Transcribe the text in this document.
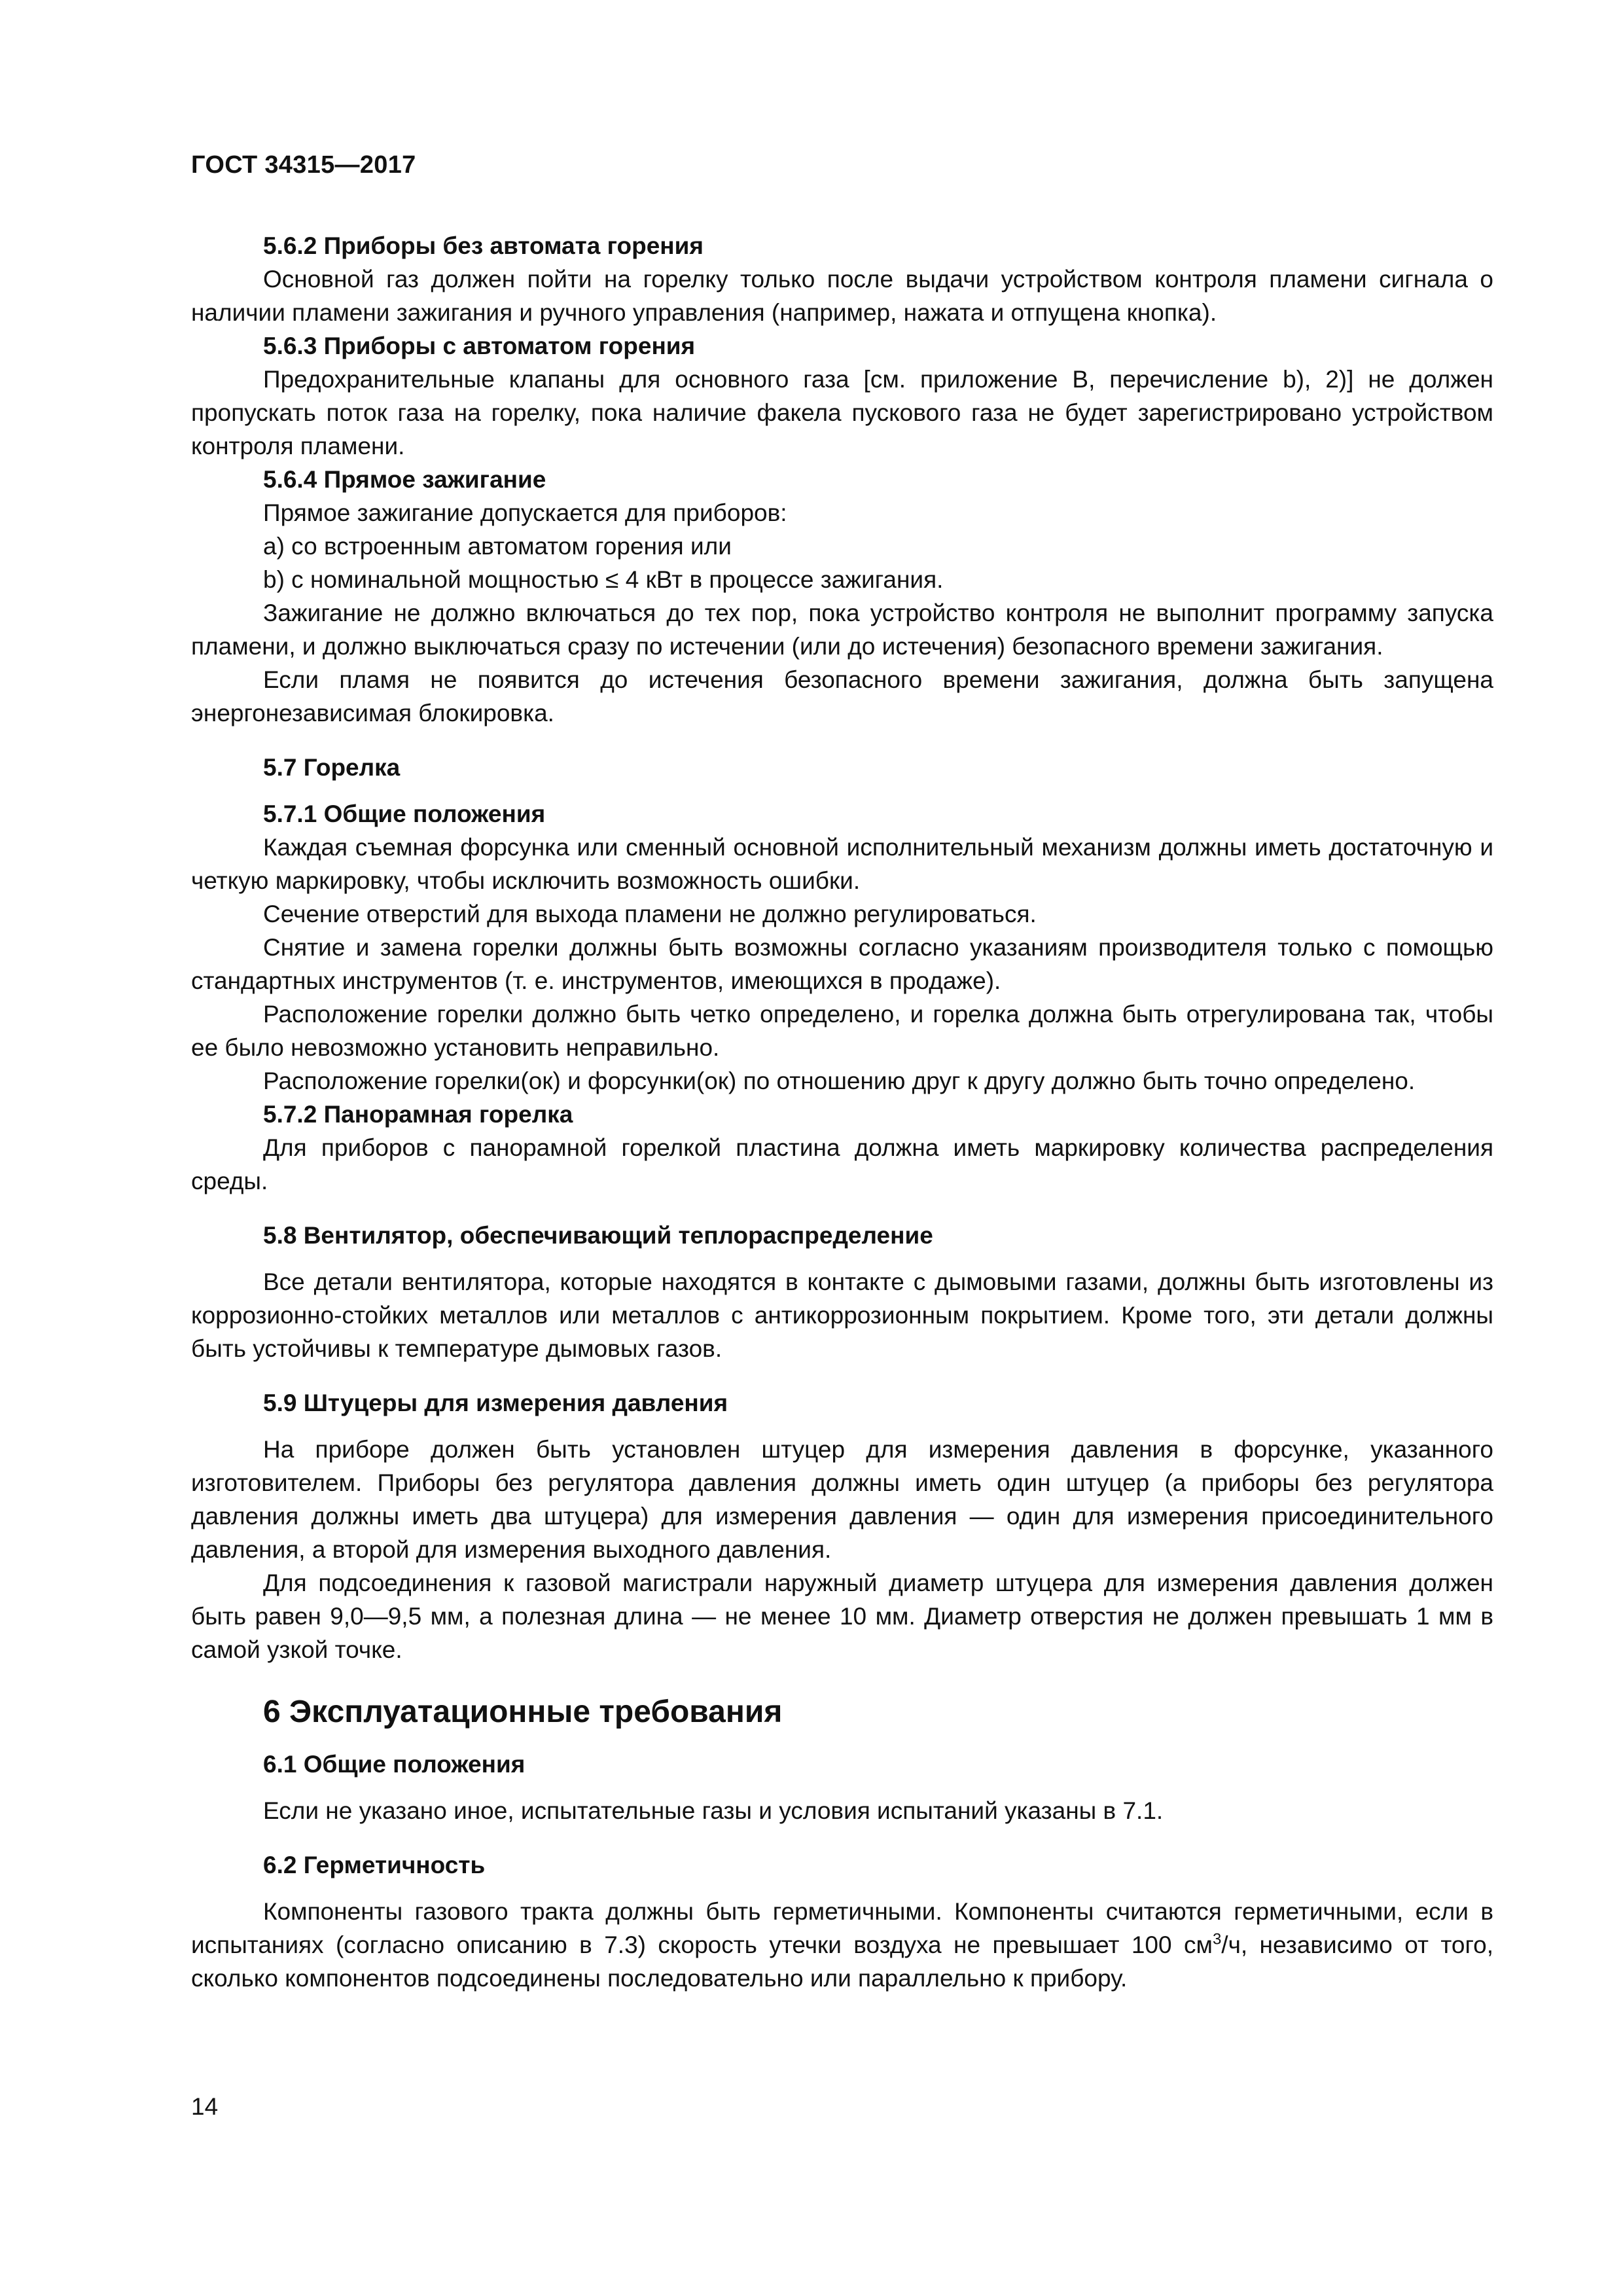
ГОСТ 34315—2017

5.6.2 Приборы без автомата горения

Основной газ должен пойти на горелку только после выдачи устройством контроля пламени сигнала о наличии пламени зажигания и ручного управления (например, нажата и отпущена кнопка).

5.6.3 Приборы с автоматом горения

Предохранительные клапаны для основного газа [см. приложение В, перечисление b), 2)] не должен пропускать поток газа на горелку, пока наличие факела пускового газа не будет зарегистрировано устройством контроля пламени.

5.6.4 Прямое зажигание

Прямое зажигание допускается для приборов:

а) со встроенным автоматом горения или

b) с номинальной мощностью ≤ 4 кВт в процессе зажигания.

Зажигание не должно включаться до тех пор, пока устройство контроля не выполнит программу запуска пламени, и должно выключаться сразу по истечении (или до истечения) безопасного времени зажигания.

Если пламя не появится до истечения безопасного времени зажигания, должна быть запущена энергонезависимая блокировка.

5.7 Горелка

5.7.1 Общие положения

Каждая съемная форсунка или сменный основной исполнительный механизм должны иметь достаточную и четкую маркировку, чтобы исключить возможность ошибки.

Сечение отверстий для выхода пламени не должно регулироваться.

Снятие и замена горелки должны быть возможны согласно указаниям производителя только с помощью стандартных инструментов (т. е. инструментов, имеющихся в продаже).

Расположение горелки должно быть четко определено, и горелка должна быть отрегулирована так, чтобы ее было невозможно установить неправильно.

Расположение горелки(ок) и форсунки(ок) по отношению друг к другу должно быть точно определено.

5.7.2 Панорамная горелка

Для приборов с панорамной горелкой пластина должна иметь маркировку количества распределения среды.

5.8 Вентилятор, обеспечивающий теплораспределение

Все детали вентилятора, которые находятся в контакте с дымовыми газами, должны быть изготовлены из коррозионно-стойких металлов или металлов с антикоррозионным покрытием. Кроме того, эти детали должны быть устойчивы к температуре дымовых газов.

5.9 Штуцеры для измерения давления

На приборе должен быть установлен штуцер для измерения давления в форсунке, указанного изготовителем. Приборы без регулятора давления должны иметь один штуцер (а приборы без регулятора давления должны иметь два штуцера) для измерения давления — один для измерения присоединительного давления, а второй для измерения выходного давления.

Для подсоединения к газовой магистрали наружный диаметр штуцера для измерения давления должен быть равен 9,0—9,5 мм, а полезная длина — не менее 10 мм. Диаметр отверстия не должен превышать 1 мм в самой узкой точке.

6 Эксплуатационные требования

6.1 Общие положения

Если не указано иное, испытательные газы и условия испытаний указаны в 7.1.

6.2 Герметичность

Компоненты газового тракта должны быть герметичными. Компоненты считаются герметичными, если в испытаниях (согласно описанию в 7.3) скорость утечки воздуха не превышает 100 $см^3/ч$, независимо от того, сколько компонентов подсоединены последовательно или параллельно к прибору.

14
